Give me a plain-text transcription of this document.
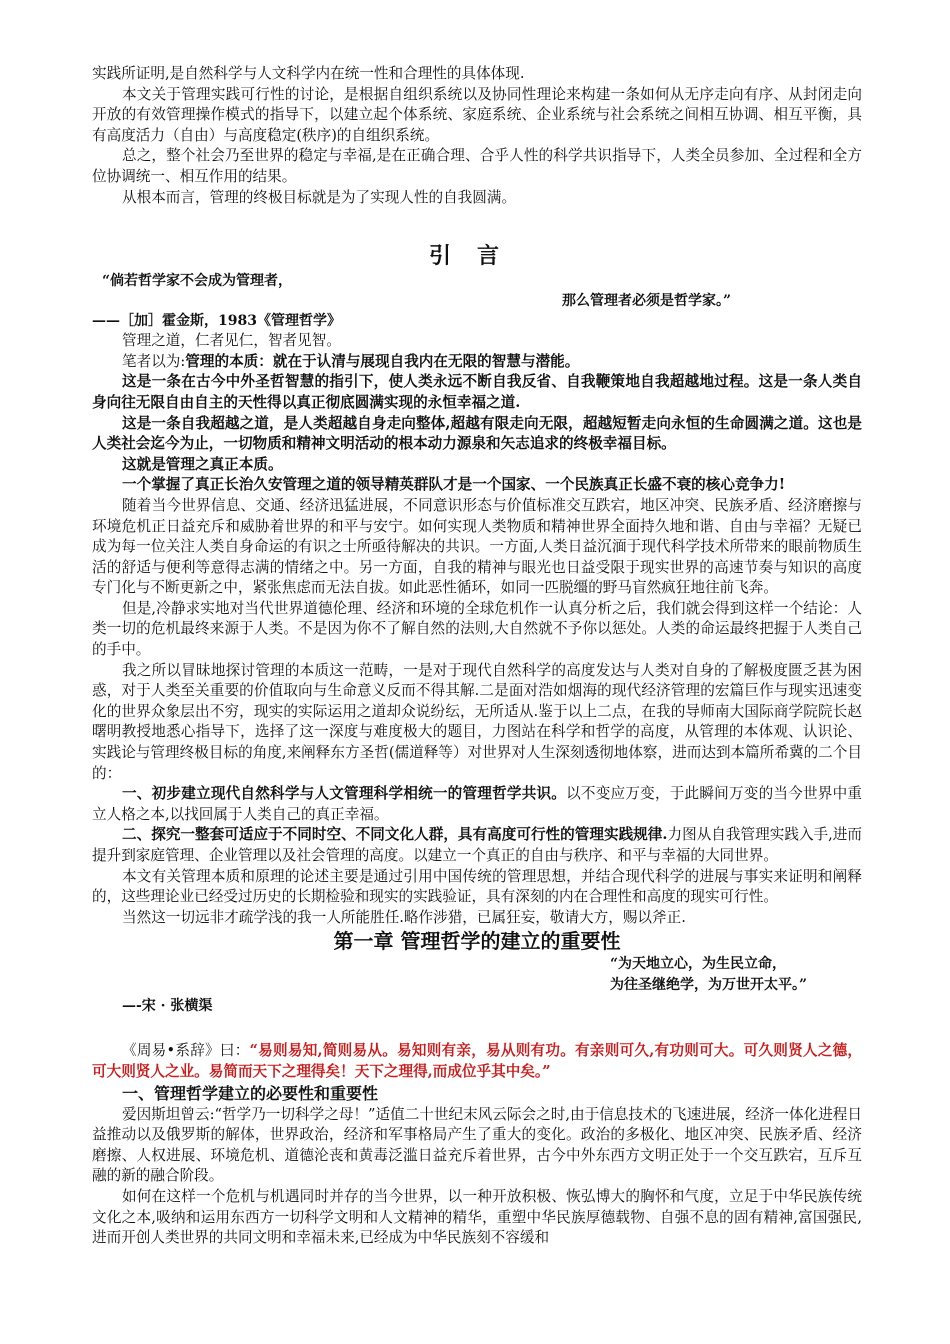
实践所证明,是自然科学与人文科学内在统一性和合理性的具体体现.

本文关于管理实践可行性的讨论，是根据自组织系统以及协同性理论来构建一条如何从无序走向有序、从封闭走向开放的有效管理操作模式的指导下，以建立起个体系统、家庭系统、企业系统与社会系统之间相互协调、相互平衡，具有高度活力（自由）与高度稳定(秩序)的自组织系统。

总之，整个社会乃至世界的稳定与幸福,是在正确合理、合乎人性的科学共识指导下，人类全员参加、全过程和全方位协调统一、相互作用的结果。

从根本而言，管理的终极目标就是为了实现人性的自我圆满。

引言

“倘若哲学家不会成为管理者，

那么管理者必须是哲学家。”

——［加］霍金斯，1983《管理哲学》

管理之道，仁者见仁，智者见智。

笔者以为:管理的本质：就在于认清与展现自我内在无限的智慧与潜能。

这是一条在古今中外圣哲智慧的指引下，使人类永远不断自我反省、自我鞭策地自我超越地过程。这是一条人类自身向往无限自由自主的天性得以真正彻底圆满实现的永恒幸福之道.

这是一条自我超越之道，是人类超越自身走向整体,超越有限走向无限，超越短暂走向永恒的生命圆满之道。这也是人类社会迄今为止，一切物质和精神文明活动的根本动力源泉和矢志追求的终极幸福目标。

这就是管理之真正本质。

一个掌握了真正长治久安管理之道的领导精英群队才是一个国家、一个民族真正长盛不衰的核心竞争力!

随着当今世界信息、交通、经济迅猛进展，不同意识形态与价值标准交互跌宕，地区冲突、民族矛盾、经济磨擦与环境危机正日益充斥和威胁着世界的和平与安宁。如何实现人类物质和精神世界全面持久地和谐、自由与幸福？无疑已成为每一位关注人类自身命运的有识之士所亟待解决的共识。一方面,人类日益沉湎于现代科学技术所带来的眼前物质生活的舒适与便利等意得志满的情绪之中。另一方面，自我的精神与眼光也日益受限于现实世界的高速节奏与知识的高度专门化与不断更新之中，紧张焦虑而无法自拔。如此恶性循环，如同一匹脱缰的野马盲然疯狂地往前飞奔。

但是,冷静求实地对当代世界道德伦理、经济和环境的全球危机作一认真分析之后，我们就会得到这样一个结论：人类一切的危机最终来源于人类。不是因为你不了解自然的法则,大自然就不予你以惩处。人类的命运最终把握于人类自己的手中。

我之所以冒昧地探讨管理的本质这一范畴，一是对于现代自然科学的高度发达与人类对自身的了解极度匮乏甚为困惑，对于人类至关重要的价值取向与生命意义反而不得其解.二是面对浩如烟海的现代经济管理的宏篇巨作与现实迅速变化的世界众象层出不穷，现实的实际运用之道却众说纷纭，无所适从.鉴于以上二点，在我的导师南大国际商学院院长赵曙明教授地悉心指导下，选择了这一深度与难度极大的题目，力图站在科学和哲学的高度，从管理的本体观、认识论、实践论与管理终极目标的角度,来阐释东方圣哲(儒道释等）对世界对人生深刻透彻地体察，进而达到本篇所希冀的二个目的：

一、初步建立现代自然科学与人文管理科学相统一的管理哲学共识。以不变应万变，于此瞬间万变的当今世界中重立人格之本,以找回属于人类自己的真正幸福。

二、探究一整套可适应于不同时空、不同文化人群，具有高度可行性的管理实践规律.力图从自我管理实践入手,进而提升到家庭管理、企业管理以及社会管理的高度。以建立一个真正的自由与秩序、和平与幸福的大同世界。

本文有关管理本质和原理的论述主要是通过引用中国传统的管理思想，并结合现代科学的进展与事实来证明和阐释的，这些理论业已经受过历史的长期检验和现实的实践验证，具有深刻的内在合理性和高度的现实可行性。

当然这一切远非才疏学浅的我一人所能胜任.略作涉猎，已属狂妄，敬请大方，赐以斧正.

第一章 管理哲学的建立的重要性

“为天地立心，为生民立命，

为往圣继绝学，为万世开太平。”

—-宋 · 张横渠

《周易•系辞》曰：“易则易知,简则易从。易知则有亲，易从则有功。有亲则可久,有功则可大。可久则贤人之德，可大则贤人之业。易简而天下之理得矣！天下之理得,而成位乎其中矣。”

一、管理哲学建立的必要性和重要性

爱因斯坦曾云:“哲学乃一切科学之母！”适值二十世纪末风云际会之时,由于信息技术的飞速进展，经济一体化进程日益推动以及俄罗斯的解体，世界政治，经济和军事格局产生了重大的变化。政治的多极化、地区冲突、民族矛盾、经济磨擦、人权进展、环境危机、道德沦丧和黄毒泛滥日益充斥着世界，古今中外东西方文明正处于一个交互跌宕，互斥互融的新的融合阶段。

如何在这样一个危机与机遇同时并存的当今世界，以一种开放积极、恢弘博大的胸怀和气度，立足于中华民族传统文化之本,吸纳和运用东西方一切科学文明和人文精神的精华，重塑中华民族厚德载物、自强不息的固有精神,富国强民,进而开创人类世界的共同文明和幸福未来,已经成为中华民族刻不容缓和
